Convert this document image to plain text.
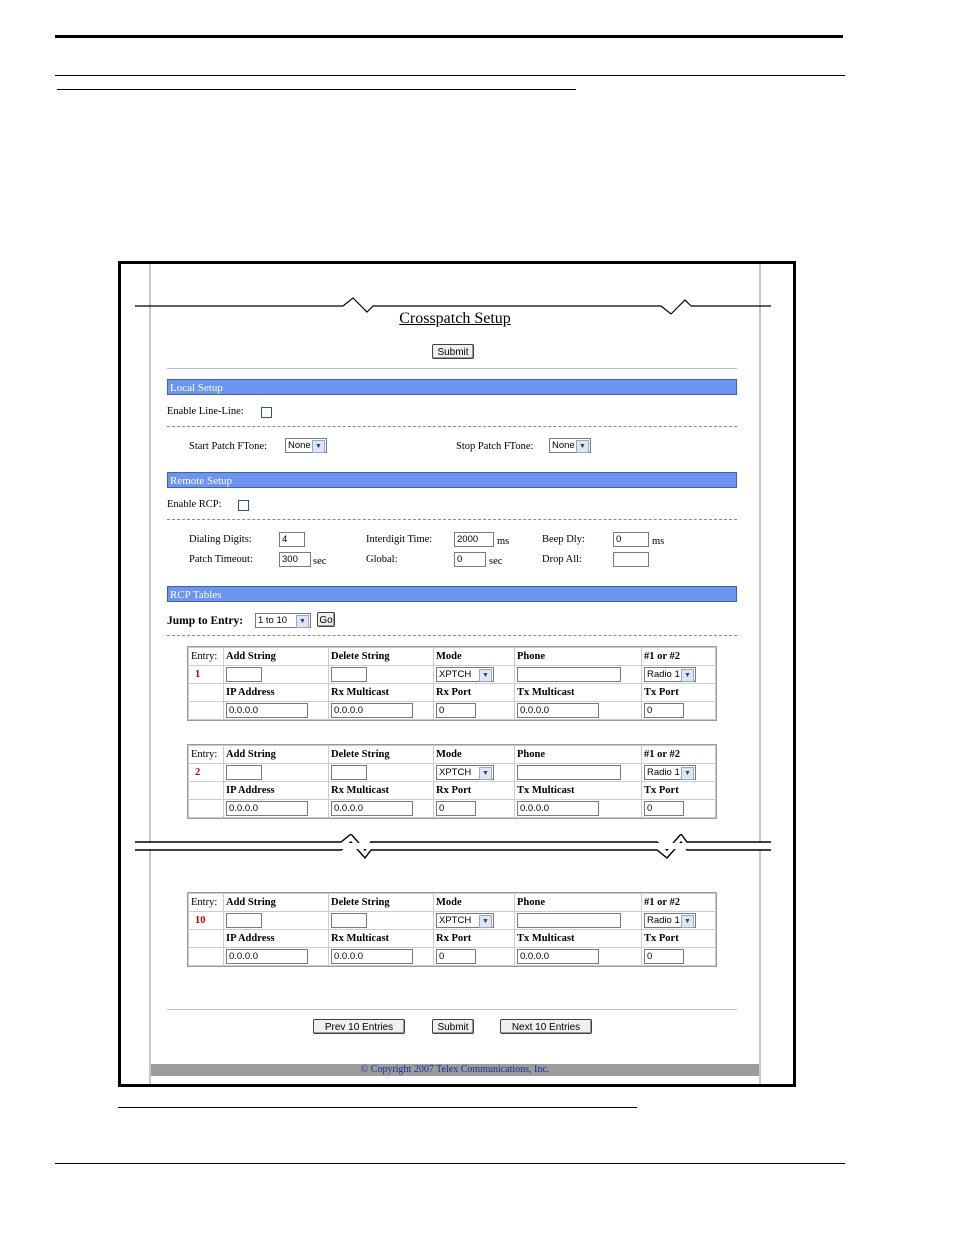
Crosspatch Setup
Submit
Local Setup
Enable Line-Line:
Start Patch FTone:	None ▼	Stop Patch FTone:	None ▼
Remote Setup
Enable RCP:
Dialing Digits:	4	Interdigit Time:	2000	ms	Beep Dly:	0	ms
Patch Timeout:	300	sec	Global:	0	sec	Drop All:
RCP Tables
Jump to Entry:	1 to 10	▼	Go
Entry:	Add String	Delete String	Mode	Phone	#1 or #2
1			XPTCH ▼		Radio 1 ▼

	IP Address	Rx Multicast	Rx Port	Tx Multicast	Tx Port
	0.0.0.0	0.0.0.0	0	0.0.0.0	0
Entry:	Add String	Delete String	Mode	Phone	#1 or #2
2			XPTCH ▼		Radio 1 ▼

	IP Address	Rx Multicast	Rx Port	Tx Multicast	Tx Port
	0.0.0.0	0.0.0.0	0	0.0.0.0	0
Entry:	Add String	Delete String	Mode	Phone	#1 or #2
10			XPTCH ▼		Radio 1 ▼

	IP Address	Rx Multicast	Rx Port	Tx Multicast	Tx Port
	0.0.0.0	0.0.0.0	0	0.0.0.0	0
Prev 10 Entries	Submit	Next 10 Entries
© Copyright 2007 Telex Communications, Inc.
